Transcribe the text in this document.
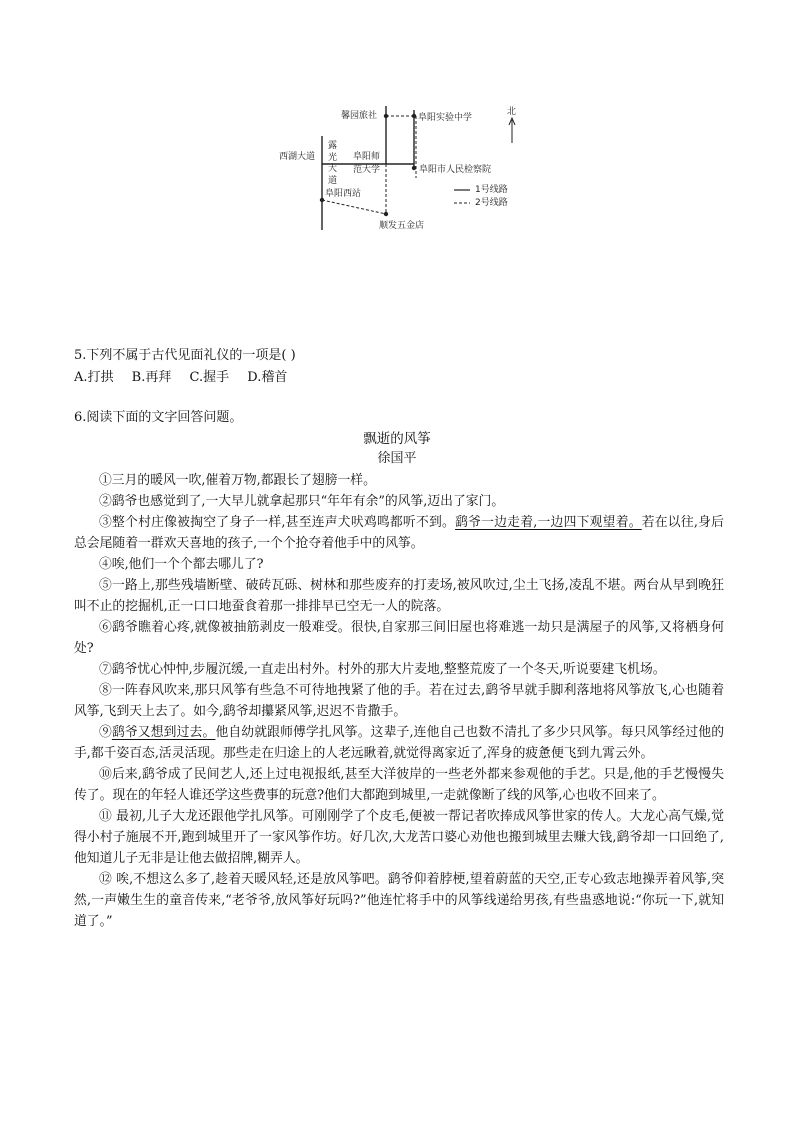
北
馨园旅社	阜阳实验中学
西湖大道
露光大道
阜阳师
范大学	阜阳市人民检察院
阜阳西站
顺发五金店
1号线路
2号线路
5.下列不属于古代见面礼仪的一项是( )
A.打拱 B.再拜 C.握手 D.稽首
6.阅读下面的文字回答问题。
飘逝的风筝
徐国平

①三月的暖风一吹,催着万物,都跟长了翅膀一样。

②鹞爷也感觉到了,一大早儿就拿起那只“年年有余”的风筝,迈出了家门。

③整个村庄像被掏空了身子一样,甚至连声犬吠鸡鸣都听不到。鹞爷一边走着,一边四下观望着。若在以往,身后总会尾随着一群欢天喜地的孩子,一个个抢夺着他手中的风筝。

④唉,他们一个个都去哪儿了?

⑤一路上,那些残墙断壁、破砖瓦砾、树林和那些废弃的打麦场,被风吹过,尘土飞扬,凌乱不堪。两台从早到晚狂叫不止的挖掘机,正一口口地蚕食着那一排排早已空无一人的院落。

⑥鹞爷瞧着心疼,就像被抽筋剥皮一般难受。很快,自家那三间旧屋也将难逃一劫只是满屋子的风筝,又将栖身何处?

⑦鹞爷忧心忡忡,步履沉缓,一直走出村外。村外的那大片麦地,整整荒废了一个冬天,听说要建飞机场。

⑧一阵春风吹来,那只风筝有些急不可待地拽紧了他的手。若在过去,鹞爷早就手脚利落地将风筝放飞,心也随着风筝,飞到天上去了。如今,鹞爷却攥紧风筝,迟迟不肯撒手。

⑨鹞爷又想到过去。他自幼就跟师傅学扎风筝。这辈子,连他自己也数不清扎了多少只风筝。每只风筝经过他的手,都千姿百态,活灵活现。那些走在归途上的人老远瞅着,就觉得离家近了,浑身的疲惫便飞到九霄云外。

⑩后来,鹞爷成了民间艺人,还上过电视报纸,甚至大洋彼岸的一些老外都来参观他的手艺。只是,他的手艺慢慢失传了。现在的年轻人谁还学这些费事的玩意?他们大都跑到城里,一走就像断了线的风筝,心也收不回来了。

⑪ 最初,儿子大龙还跟他学扎风筝。可刚刚学了个皮毛,便被一帮记者吹捧成风筝世家的传人。大龙心高气燥,觉得小村子施展不开,跑到城里开了一家风筝作坊。好几次,大龙苦口婆心劝他也搬到城里去赚大钱,鹞爷却一口回绝了,他知道儿子无非是让他去做招牌,糊弄人。

⑫ 唉,不想这么多了,趁着天暖风轻,还是放风筝吧。鹞爷仰着脖梗,望着蔚蓝的天空,正专心致志地操弄着风筝,突然,一声嫩生生的童音传来,“老爷爷,放风筝好玩吗?”他连忙将手中的风筝线递给男孩,有些蛊惑地说:“你玩一下,就知道了。”
